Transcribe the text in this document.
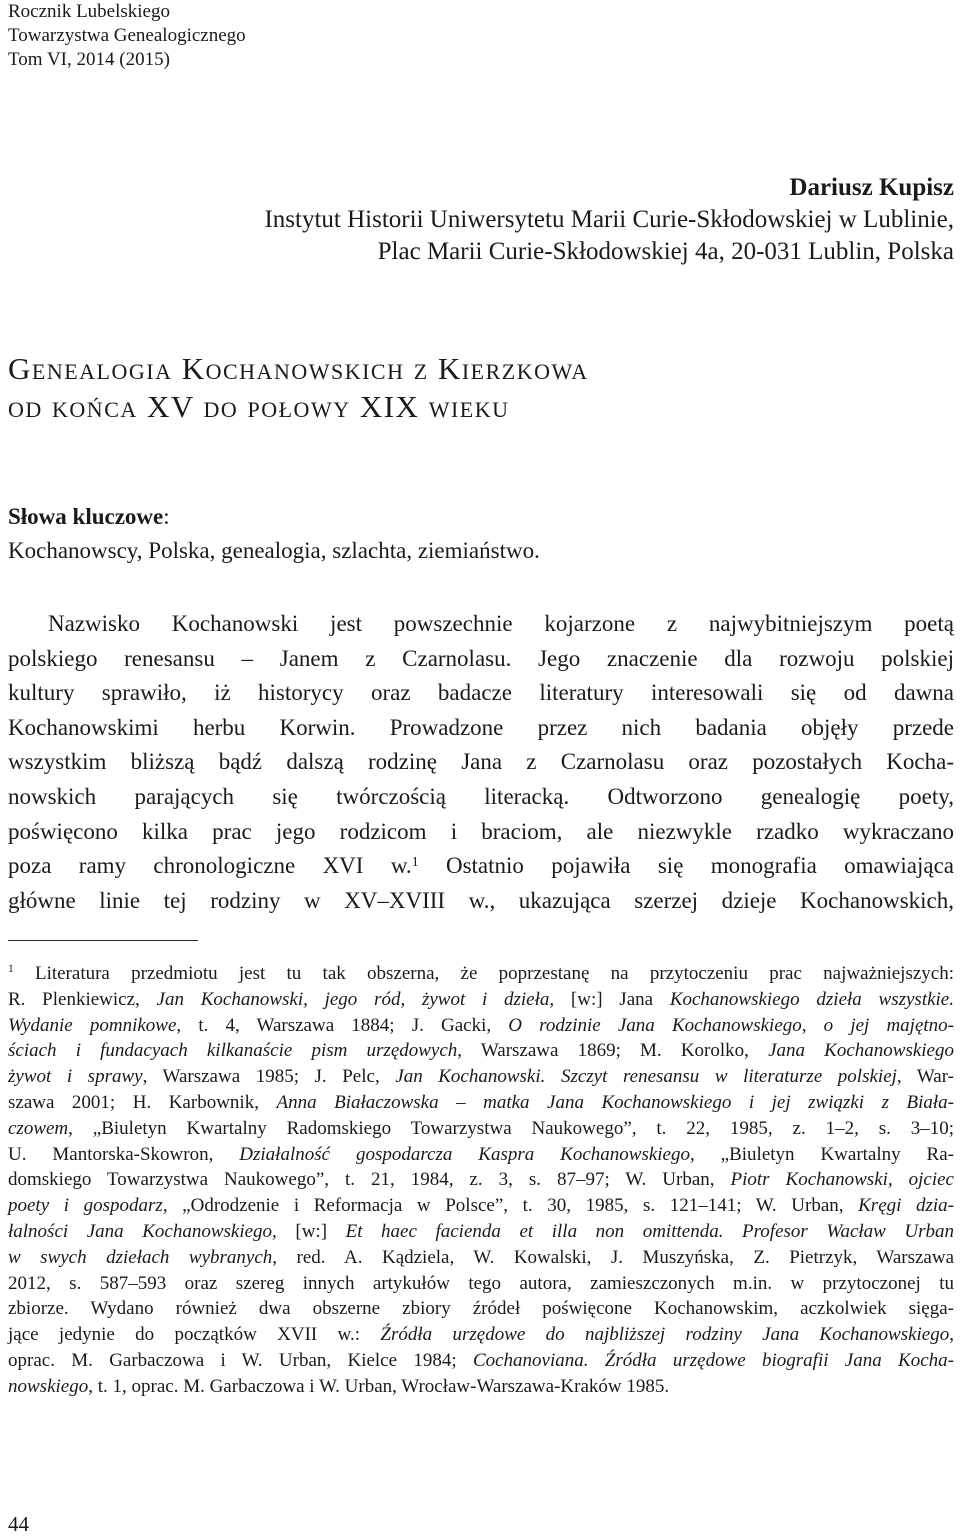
Rocznik Lubelskiego
Towarzystwa Genealogicznego
Tom VI, 2014 (2015)
Dariusz Kupisz
Instytut Historii Uniwersytetu Marii Curie-Skłodowskiej w Lublinie,
Plac Marii Curie-Skłodowskiej 4a, 20-031 Lublin, Polska
Genealogia Kochanowskich z Kierzkowa
od końca XV do połowy XIX wieku
Słowa kluczowe:
Kochanowscy, Polska, genealogia, szlachta, ziemiaństwo.
Nazwisko Kochanowski jest powszechnie kojarzone z najwybitniejszym poetą
polskiego renesansu – Janem z Czarnolasu. Jego znaczenie dla rozwoju polskiej
kultury sprawiło, iż historycy oraz badacze literatury interesowali się od dawna
Kochanowskimi herbu Korwin. Prowadzone przez nich badania objęły przede
wszystkim bliższą bądź dalszą rodzinę Jana z Czarnolasu oraz pozostałych Kocha-
nowskich parających się twórczością literacką. Odtworzono genealogię poety,
poświęcono kilka prac jego rodzicom i braciom, ale niezwykle rzadko wykraczano
poza ramy chronologiczne XVI w.$^1$ Ostatnio pojawiła się monografia omawiająca
główne linie tej rodziny w XV–XVIII w., ukazująca szerzej dzieje Kochanowskich,
$^1$ Literatura przedmiotu jest tu tak obszerna, że poprzestanę na przytoczeniu prac najważniejszych:
R. Plenkiewicz, Jan Kochanowski, jego ród, żywot i dzieła, [w:] Jana Kochanowskiego dzieła wszystkie.
Wydanie pomnikowe, t. 4, Warszawa 1884; J. Gacki, O rodzinie Jana Kochanowskiego, o jej majętno-
ściach i fundacyach kilkanaście pism urzędowych, Warszawa 1869; M. Korolko, Jana Kochanowskiego
żywot i sprawy, Warszawa 1985; J. Pelc, Jan Kochanowski. Szczyt renesansu w literaturze polskiej, War-
szawa 2001; H. Karbownik, Anna Białaczowska – matka Jana Kochanowskiego i jej związki z Biała-
czowem, „Biuletyn Kwartalny Radomskiego Towarzystwa Naukowego”, t. 22, 1985, z. 1–2, s. 3–10;
U. Mantorska-Skowron, Działalność gospodarcza Kaspra Kochanowskiego, „Biuletyn Kwartalny Ra-
domskiego Towarzystwa Naukowego”, t. 21, 1984, z. 3, s. 87–97; W. Urban, Piotr Kochanowski, ojciec
poety i gospodarz, „Odrodzenie i Reformacja w Polsce”, t. 30, 1985, s. 121–141; W. Urban, Kręgi dzia-
łalności Jana Kochanowskiego, [w:] Et haec facienda et illa non omittenda. Profesor Wacław Urban
w swych dziełach wybranych, red. A. Kądziela, W. Kowalski, J. Muszyńska, Z. Pietrzyk, Warszawa
2012, s. 587–593 oraz szereg innych artykułów tego autora, zamieszczonych m.in. w przytoczonej tu
zbiorze. Wydano również dwa obszerne zbiory źródeł poświęcone Kochanowskim, aczkolwiek sięga-
jące jedynie do początków XVII w.: Źródła urzędowe do najbliższej rodziny Jana Kochanowskiego,
oprac. M. Garbaczowa i W. Urban, Kielce 1984; Cochanoviana. Źródła urzędowe biografii Jana Kocha-
nowskiego, t. 1, oprac. M. Garbaczowa i W. Urban, Wrocław-Warszawa-Kraków 1985.
44
